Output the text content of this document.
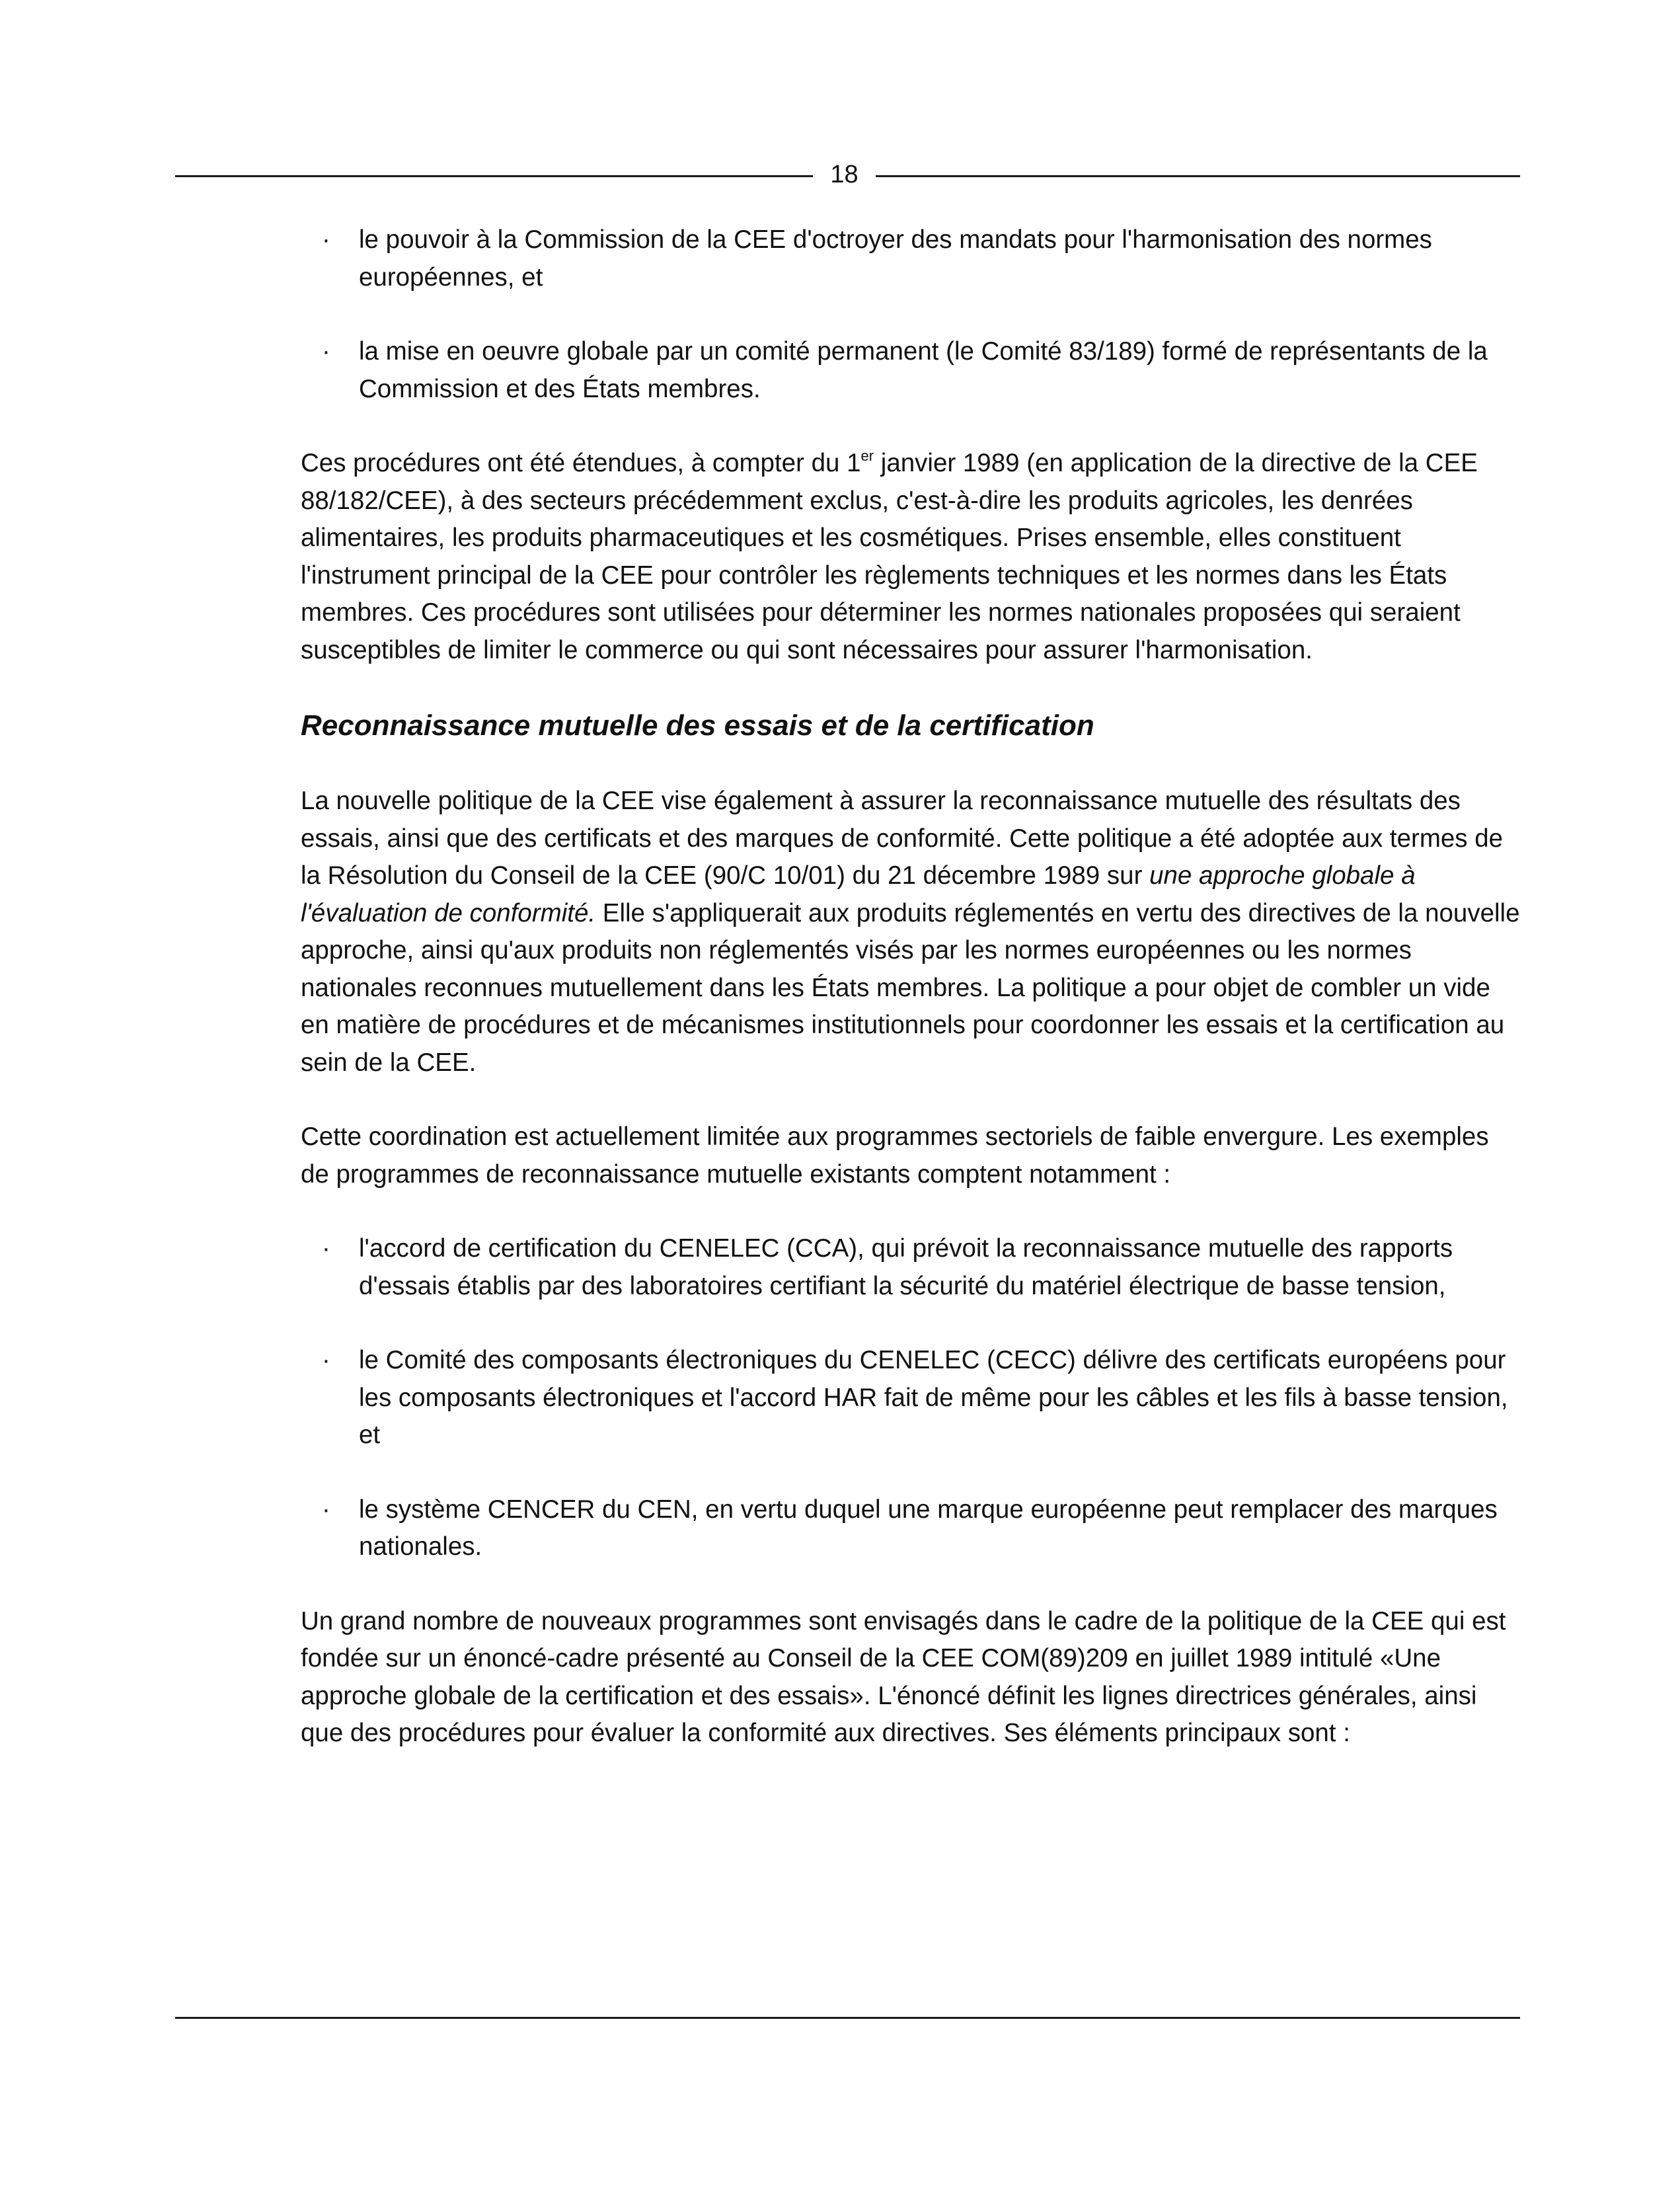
18
· le pouvoir à la Commission de la CEE d'octroyer des mandats pour l'harmonisation des normes européennes, et
· la mise en oeuvre globale par un comité permanent (le Comité 83/189) formé de représentants de la Commission et des États membres.

Ces procédures ont été étendues, à compter du 1er janvier 1989 (en application de la directive de la CEE 88/182/CEE), à des secteurs précédemment exclus, c'est-à-dire les produits agricoles, les denrées alimentaires, les produits pharmaceutiques et les cosmétiques. Prises ensemble, elles constituent l'instrument principal de la CEE pour contrôler les règlements techniques et les normes dans les États membres. Ces procédures sont utilisées pour déterminer les normes nationales proposées qui seraient susceptibles de limiter le commerce ou qui sont nécessaires pour assurer l'harmonisation.

Reconnaissance mutuelle des essais et de la certification

La nouvelle politique de la CEE vise également à assurer la reconnaissance mutuelle des résultats des essais, ainsi que des certificats et des marques de conformité. Cette politique a été adoptée aux termes de la Résolution du Conseil de la CEE (90/C 10/01) du 21 décembre 1989 sur une approche globale à l'évaluation de conformité. Elle s'appliquerait aux produits réglementés en vertu des directives de la nouvelle approche, ainsi qu'aux produits non réglementés visés par les normes européennes ou les normes nationales reconnues mutuellement dans les États membres. La politique a pour objet de combler un vide en matière de procédures et de mécanismes institutionnels pour coordonner les essais et la certification au sein de la CEE.

Cette coordination est actuellement limitée aux programmes sectoriels de faible envergure. Les exemples de programmes de reconnaissance mutuelle existants comptent notamment :

· l'accord de certification du CENELEC (CCA), qui prévoit la reconnaissance mutuelle des rapports d'essais établis par des laboratoires certifiant la sécurité du matériel électrique de basse tension,
· le Comité des composants électroniques du CENELEC (CECC) délivre des certificats européens pour les composants électroniques et l'accord HAR fait de même pour les câbles et les fils à basse tension, et
· le système CENCER du CEN, en vertu duquel une marque européenne peut remplacer des marques nationales.

Un grand nombre de nouveaux programmes sont envisagés dans le cadre de la politique de la CEE qui est fondée sur un énoncé-cadre présenté au Conseil de la CEE COM(89)209 en juillet 1989 intitulé «Une approche globale de la certification et des essais». L'énoncé définit les lignes directrices générales, ainsi que des procédures pour évaluer la conformité aux directives. Ses éléments principaux sont :
